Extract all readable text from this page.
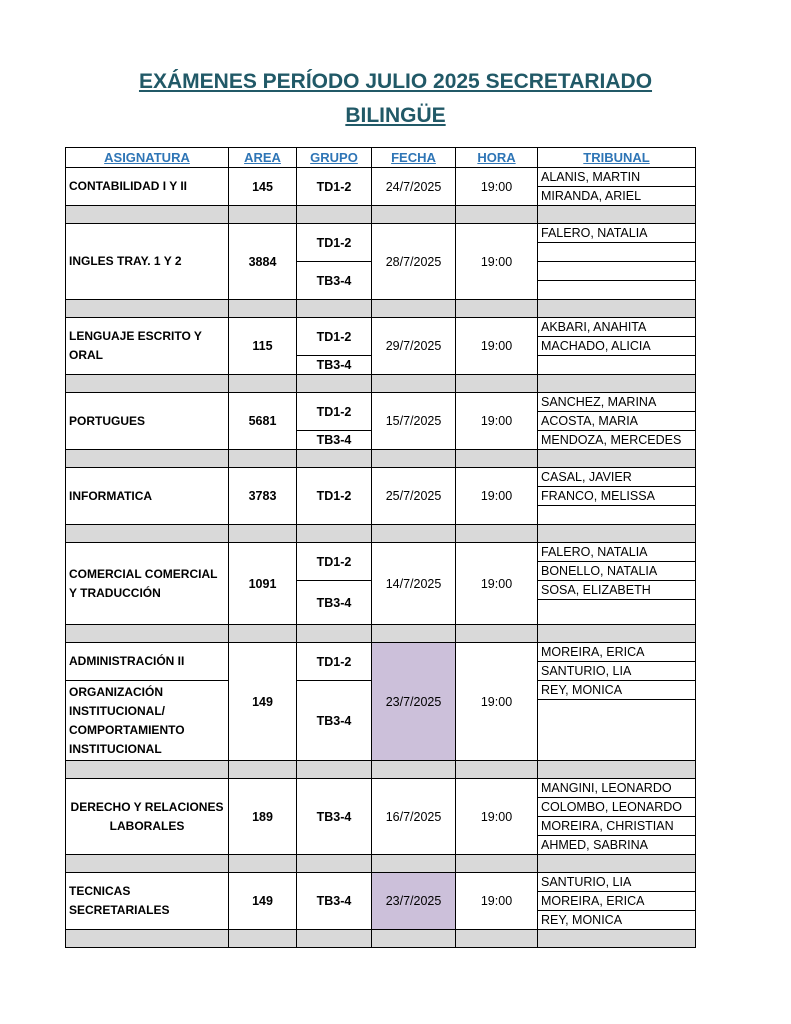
EXÁMENES PERÍODO JULIO 2025 SECRETARIADO
BILINGÜE
ASIGNATURA	AREA	GRUPO	FECHA	HORA	TRIBUNAL
CONTABILIDAD I Y II	145	TD1-2	24/7/2025	19:00	ALANIS, MARTIN
					MIRANDA, ARIEL

INGLES TRAY. 1 Y 2	3884	TD1-2	28/7/2025	19:00	FALERO, NATALIA

		TB3-4			

LENGUAJE ESCRITO Y ORAL	115	TD1-2	29/7/2025	19:00	AKBARI, ANAHITA
					MACHADO, ALICIA
		TB3-4			

PORTUGUES	5681	TD1-2	15/7/2025	19:00	SANCHEZ, MARINA
					ACOSTA, MARIA
		TB3-4			MENDOZA, MERCEDES

INFORMATICA	3783	TD1-2	25/7/2025	19:00	CASAL, JAVIER
					FRANCO, MELISSA

COMERCIAL COMERCIAL Y TRADUCCIÓN	1091	TD1-2	14/7/2025	19:00	FALERO, NATALIA
					BONELLO, NATALIA
		TB3-4			SOSA, ELIZABETH

ADMINISTRACIÓN II	149	TD1-2	23/7/2025	19:00	MOREIRA, ERICA
					SANTURIO, LIA
ORGANIZACIÓN INSTITUCIONAL/ COMPORTAMIENTO INSTITUCIONAL		TB3-4			REY, MONICA

DERECHO Y RELACIONES LABORALES	189	TB3-4	16/7/2025	19:00	MANGINI, LEONARDO
					COLOMBO, LEONARDO
					MOREIRA, CHRISTIAN
					AHMED, SABRINA

TECNICAS SECRETARIALES	149	TB3-4	23/7/2025	19:00	SANTURIO, LIA
					MOREIRA, ERICA
					REY, MONICA
